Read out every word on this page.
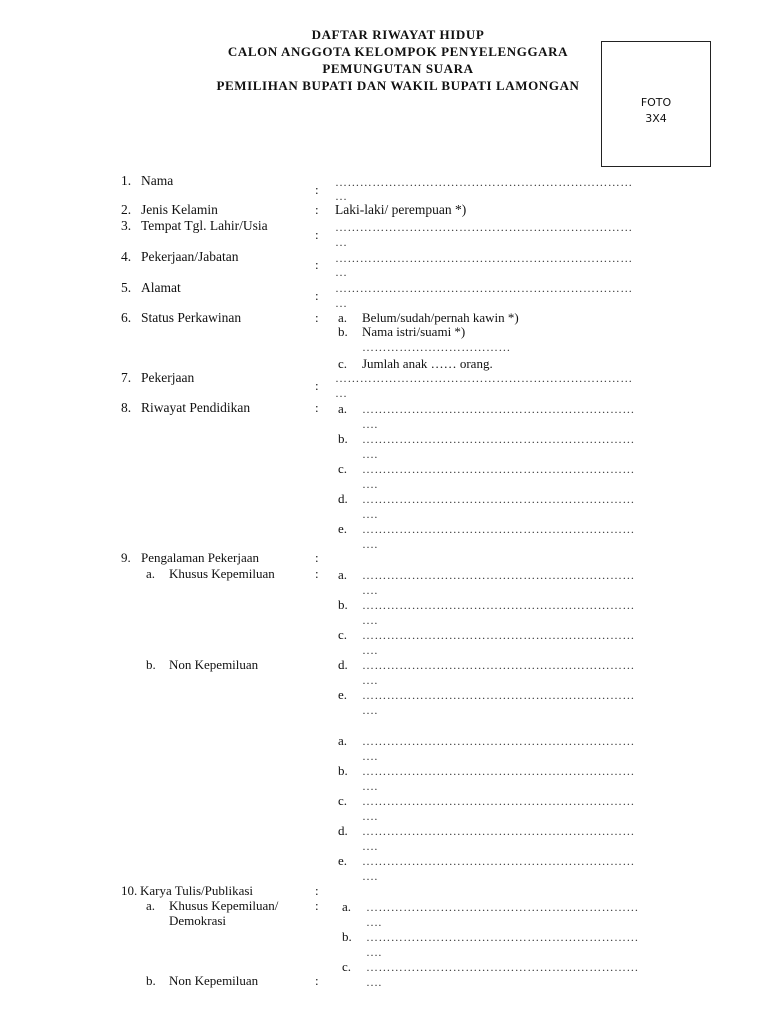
DAFTAR RIWAYAT HIDUP
CALON ANGGOTA KELOMPOK PENYELENGGARA
PEMUNGUTAN SUARA
PEMILIHAN BUPATI DAN WAKIL BUPATI LAMONGAN
FOTO
3X4
1. Nama
: ………………………………………………………………
…
2. Jenis Kelamin	: Laki-laki/ perempuan *)
3. Tempat Tgl. Lahir/Usia
: ………………………………………………………………
…
4. Pekerjaan/Jabatan
: ………………………………………………………………
…
5. Alamat
: ………………………………………………………………
…
6. Status Perkawinan	: a. Belum/sudah/pernah kawin *)
b. Nama istri/suami *)
………………………………
c. Jumlah anak …… orang.
7. Pekerjaan
: ………………………………………………………………
…
8. Riwayat Pendidikan	: a. …………………………………………………………
….
b. …………………………………………………………
….
c. …………………………………………………………
….
d. …………………………………………………………
….
e. …………………………………………………………
….
9. Pengalaman Pekerjaan	:
a. Khusus Kepemiluan	: a. …………………………………………………………
….
b. …………………………………………………………
….
c. …………………………………………………………
….
b. Non Kepemiluan	d. …………………………………………………………
….
e. …………………………………………………………
….
a. …………………………………………………………
….
b. …………………………………………………………
….
c. …………………………………………………………
….
d. …………………………………………………………
….
e. …………………………………………………………
….
10. Karya Tulis/Publikasi	:
a. Khusus Kepemiluan/
Demokrasi
: a. …………………………………………………………
….
b. …………………………………………………………
….
c. …………………………………………………………
….
b. Non Kepemiluan	:
